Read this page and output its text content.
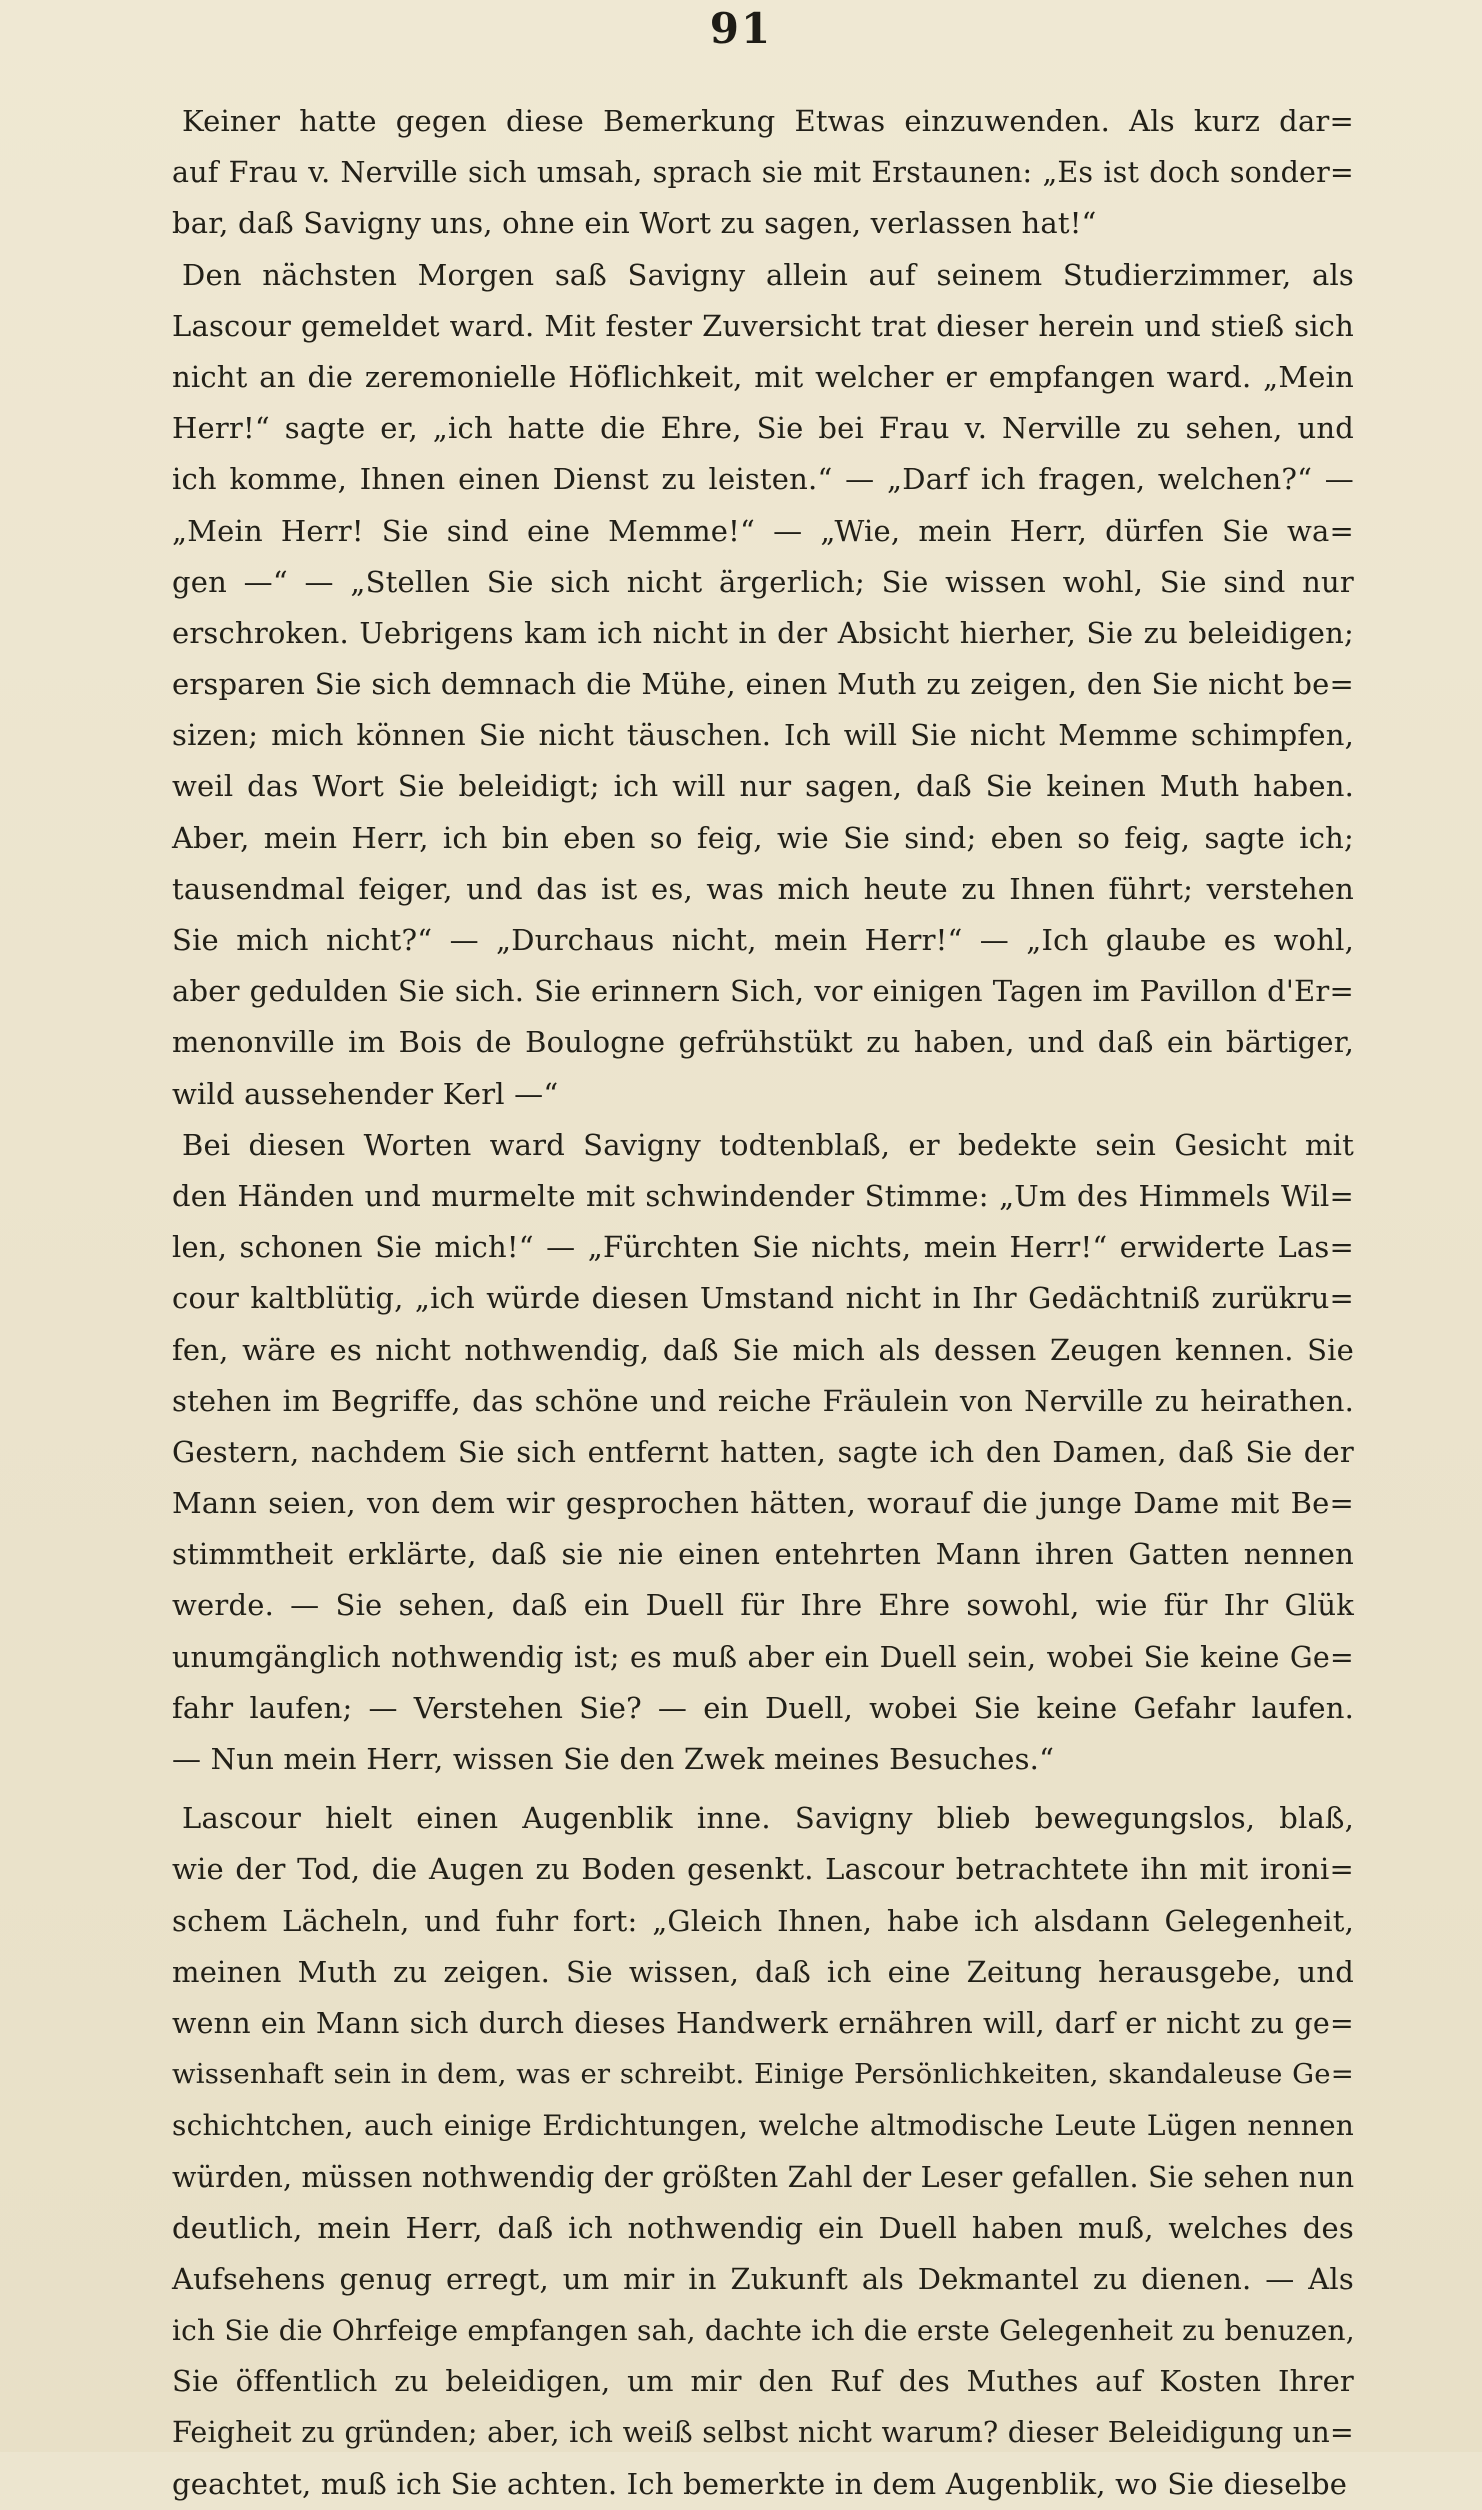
91
Keiner hatte gegen diese Bemerkung Etwas einzuwenden. Als kurz dar=
auf Frau v. Nerville sich umsah, sprach sie mit Erstaunen: „Es ist doch sonder=
bar, daß Savigny uns, ohne ein Wort zu sagen, verlassen hat!“
Den nächsten Morgen saß Savigny allein auf seinem Studierzimmer, als
Lascour gemeldet ward. Mit fester Zuversicht trat dieser herein und stieß sich
nicht an die zeremonielle Höflichkeit, mit welcher er empfangen ward. „Mein
Herr!“ sagte er, „ich hatte die Ehre, Sie bei Frau v. Nerville zu sehen, und
ich komme, Ihnen einen Dienst zu leisten.“ — „Darf ich fragen, welchen?“ —
„Mein Herr! Sie sind eine Memme!“ — „Wie, mein Herr, dürfen Sie wa=
gen —“ — „Stellen Sie sich nicht ärgerlich; Sie wissen wohl, Sie sind nur
erschroken. Uebrigens kam ich nicht in der Absicht hierher, Sie zu beleidigen;
ersparen Sie sich demnach die Mühe, einen Muth zu zeigen, den Sie nicht be=
sizen; mich können Sie nicht täuschen. Ich will Sie nicht Memme schimpfen,
weil das Wort Sie beleidigt; ich will nur sagen, daß Sie keinen Muth haben.
Aber, mein Herr, ich bin eben so feig, wie Sie sind; eben so feig, sagte ich;
tausendmal feiger, und das ist es, was mich heute zu Ihnen führt; verstehen
Sie mich nicht?“ — „Durchaus nicht, mein Herr!“ — „Ich glaube es wohl,
aber gedulden Sie sich. Sie erinnern Sich, vor einigen Tagen im Pavillon d'Er=
menonville im Bois de Boulogne gefrühstükt zu haben, und daß ein bärtiger,
wild aussehender Kerl —“
Bei diesen Worten ward Savigny todtenblaß, er bedekte sein Gesicht mit
den Händen und murmelte mit schwindender Stimme: „Um des Himmels Wil=
len, schonen Sie mich!“ — „Fürchten Sie nichts, mein Herr!“ erwiderte Las=
cour kaltblütig, „ich würde diesen Umstand nicht in Ihr Gedächtniß zurükru=
fen, wäre es nicht nothwendig, daß Sie mich als dessen Zeugen kennen. Sie
stehen im Begriffe, das schöne und reiche Fräulein von Nerville zu heirathen.
Gestern, nachdem Sie sich entfernt hatten, sagte ich den Damen, daß Sie der
Mann seien, von dem wir gesprochen hätten, worauf die junge Dame mit Be=
stimmtheit erklärte, daß sie nie einen entehrten Mann ihren Gatten nennen
werde. — Sie sehen, daß ein Duell für Ihre Ehre sowohl, wie für Ihr Glük
unumgänglich nothwendig ist; es muß aber ein Duell sein, wobei Sie keine Ge=
fahr laufen; — Verstehen Sie? — ein Duell, wobei Sie keine Gefahr laufen.
— Nun mein Herr, wissen Sie den Zwek meines Besuches.“
Lascour hielt einen Augenblik inne. Savigny blieb bewegungslos, blaß,
wie der Tod, die Augen zu Boden gesenkt. Lascour betrachtete ihn mit ironi=
schem Lächeln, und fuhr fort: „Gleich Ihnen, habe ich alsdann Gelegenheit,
meinen Muth zu zeigen. Sie wissen, daß ich eine Zeitung herausgebe, und
wenn ein Mann sich durch dieses Handwerk ernähren will, darf er nicht zu ge=
wissenhaft sein in dem, was er schreibt. Einige Persönlichkeiten, skandaleuse Ge=
schichtchen, auch einige Erdichtungen, welche altmodische Leute Lügen nennen
würden, müssen nothwendig der größten Zahl der Leser gefallen. Sie sehen nun
deutlich, mein Herr, daß ich nothwendig ein Duell haben muß, welches des
Aufsehens genug erregt, um mir in Zukunft als Dekmantel zu dienen. — Als
ich Sie die Ohrfeige empfangen sah, dachte ich die erste Gelegenheit zu benuzen,
Sie öffentlich zu beleidigen, um mir den Ruf des Muthes auf Kosten Ihrer
Feigheit zu gründen; aber, ich weiß selbst nicht warum? dieser Beleidigung un=
geachtet, muß ich Sie achten. Ich bemerkte in dem Augenblik, wo Sie dieselbe
